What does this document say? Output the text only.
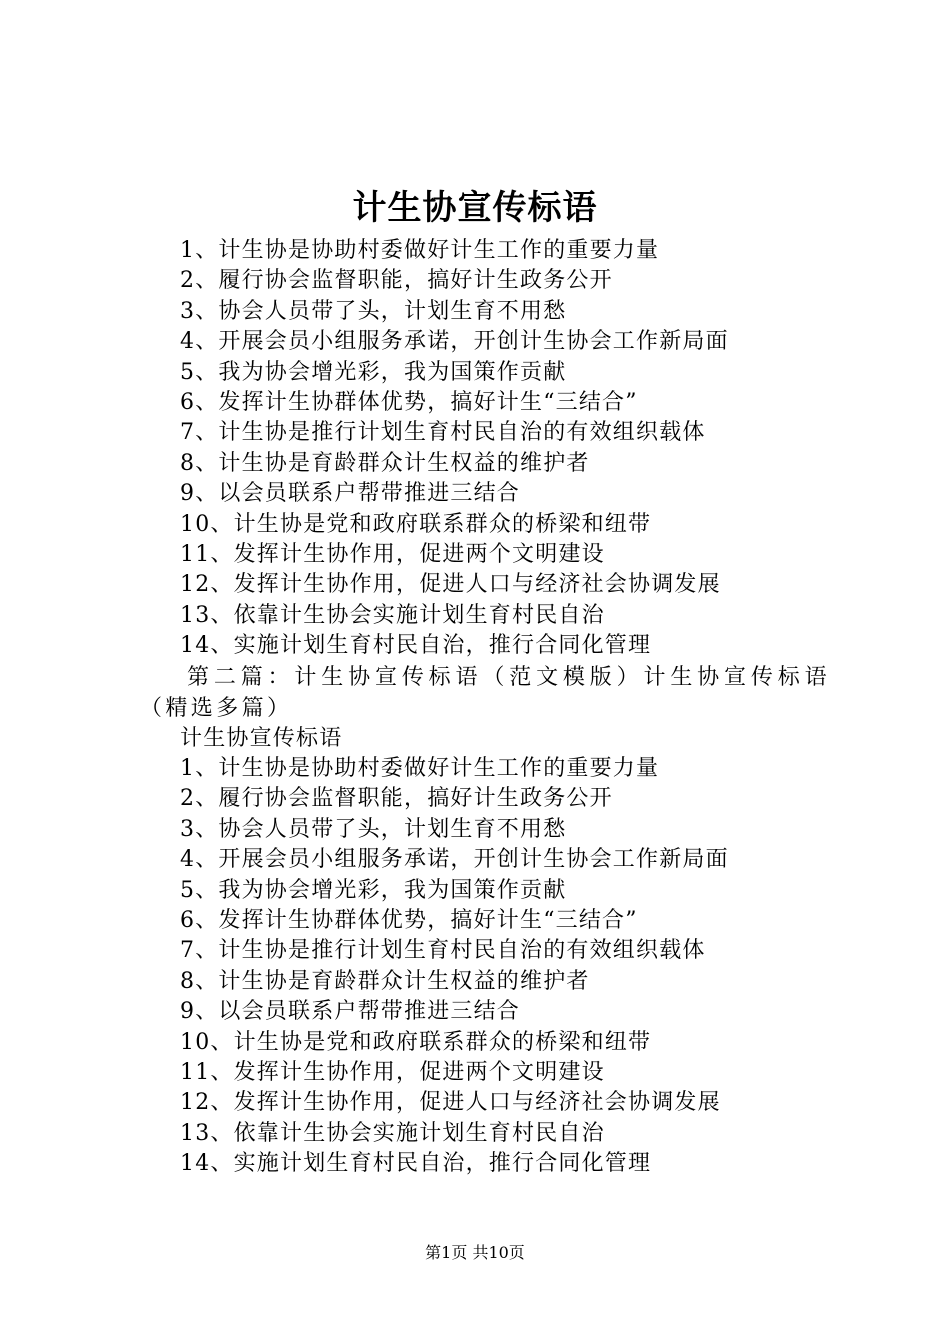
计生协宣传标语
1、计生协是协助村委做好计生工作的重要力量
2、履行协会监督职能，搞好计生政务公开
3、协会人员带了头，计划生育不用愁
4、开展会员小组服务承诺，开创计生协会工作新局面
5、我为协会增光彩，我为国策作贡献
6、发挥计生协群体优势，搞好计生“三结合”
7、计生协是推行计划生育村民自治的有效组织载体
8、计生协是育龄群众计生权益的维护者
9、以会员联系户帮带推进三结合
10、计生协是党和政府联系群众的桥梁和纽带
11、发挥计生协作用，促进两个文明建设
12、发挥计生协作用，促进人口与经济社会协调发展
13、依靠计生协会实施计划生育村民自治
14、实施计划生育村民自治，推行合同化管理

第二篇：计生协宣传标语（范文模版）计生协宣传标语（精选多篇）

计生协宣传标语
1、计生协是协助村委做好计生工作的重要力量
2、履行协会监督职能，搞好计生政务公开
3、协会人员带了头，计划生育不用愁
4、开展会员小组服务承诺，开创计生协会工作新局面
5、我为协会增光彩，我为国策作贡献
6、发挥计生协群体优势，搞好计生“三结合”
7、计生协是推行计划生育村民自治的有效组织载体
8、计生协是育龄群众计生权益的维护者
9、以会员联系户帮带推进三结合
10、计生协是党和政府联系群众的桥梁和纽带
11、发挥计生协作用，促进两个文明建设
12、发挥计生协作用，促进人口与经济社会协调发展
13、依靠计生协会实施计划生育村民自治
14、实施计划生育村民自治，推行合同化管理
第1页 共10页
